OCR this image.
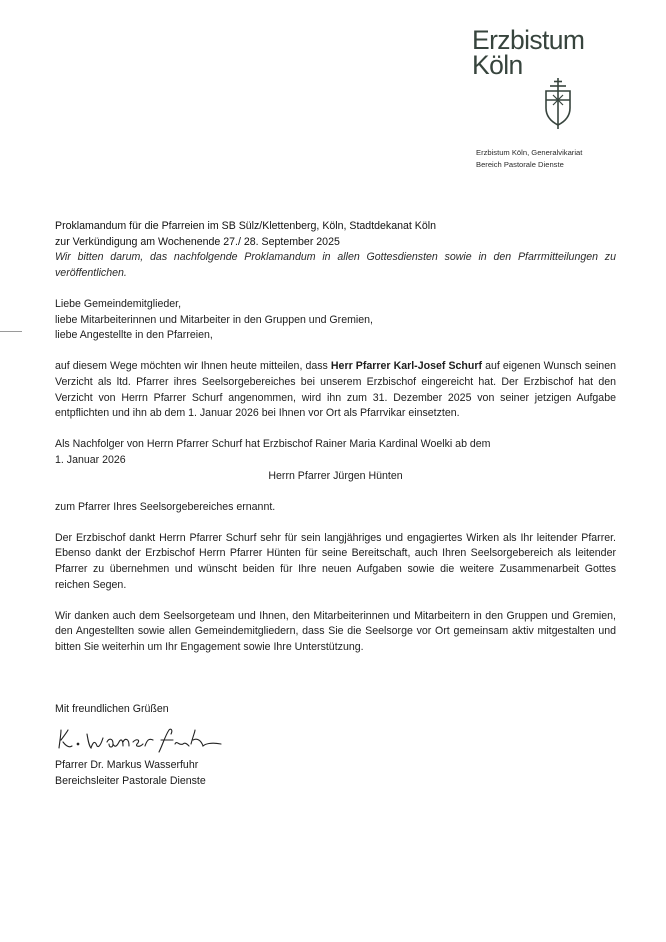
Erzbistum
Köln
Erzbistum Köln, Generalvikariat
Bereich Pastorale Dienste

Proklamandum für die Pfarreien im SB Sülz/Klettenberg, Köln, Stadtdekanat Köln

zur Verkündigung am Wochenende 27./ 28. September 2025

Wir bitten darum, das nachfolgende Proklamandum in allen Gottesdiensten sowie in den Pfarrmitteilungen zu veröffentlichen.

Liebe Gemeindemitglieder,

liebe Mitarbeiterinnen und Mitarbeiter in den Gruppen und Gremien,

liebe Angestellte in den Pfarreien,

auf diesem Wege möchten wir Ihnen heute mitteilen, dass Herr Pfarrer Karl-Josef Schurf auf eigenen Wunsch seinen Verzicht als ltd. Pfarrer ihres Seelsorgebereiches bei unserem Erzbischof eingereicht hat. Der Erzbischof hat den Verzicht von Herrn Pfarrer Schurf angenommen, wird ihn zum 31. Dezember 2025 von seiner jetzigen Aufgabe entpflichten und ihn ab dem 1. Januar 2026 bei Ihnen vor Ort als Pfarrvikar einsetzten.

Als Nachfolger von Herrn Pfarrer Schurf hat Erzbischof Rainer Maria Kardinal Woelki ab dem

1. Januar 2026

Herrn Pfarrer Jürgen Hünten

zum Pfarrer Ihres Seelsorgebereiches ernannt.

Der Erzbischof dankt Herrn Pfarrer Schurf sehr für sein langjähriges und engagiertes Wirken als Ihr leitender Pfarrer. Ebenso dankt der Erzbischof Herrn Pfarrer Hünten für seine Bereitschaft, auch Ihren Seelsorgebereich als leitender Pfarrer zu übernehmen und wünscht beiden für Ihre neuen Aufgaben sowie die weitere Zusammenarbeit Gottes reichen Segen.

Wir danken auch dem Seelsorgeteam und Ihnen, den Mitarbeiterinnen und Mitarbeitern in den Gruppen und Gremien, den Angestellten sowie allen Gemeindemitgliedern, dass Sie die Seelsorge vor Ort gemeinsam aktiv mitgestalten und bitten Sie weiterhin um Ihr Engagement sowie Ihre Unterstützung.

Mit freundlichen Grüßen
Pfarrer Dr. Markus Wasserfuhr
Bereichsleiter Pastorale Dienste
